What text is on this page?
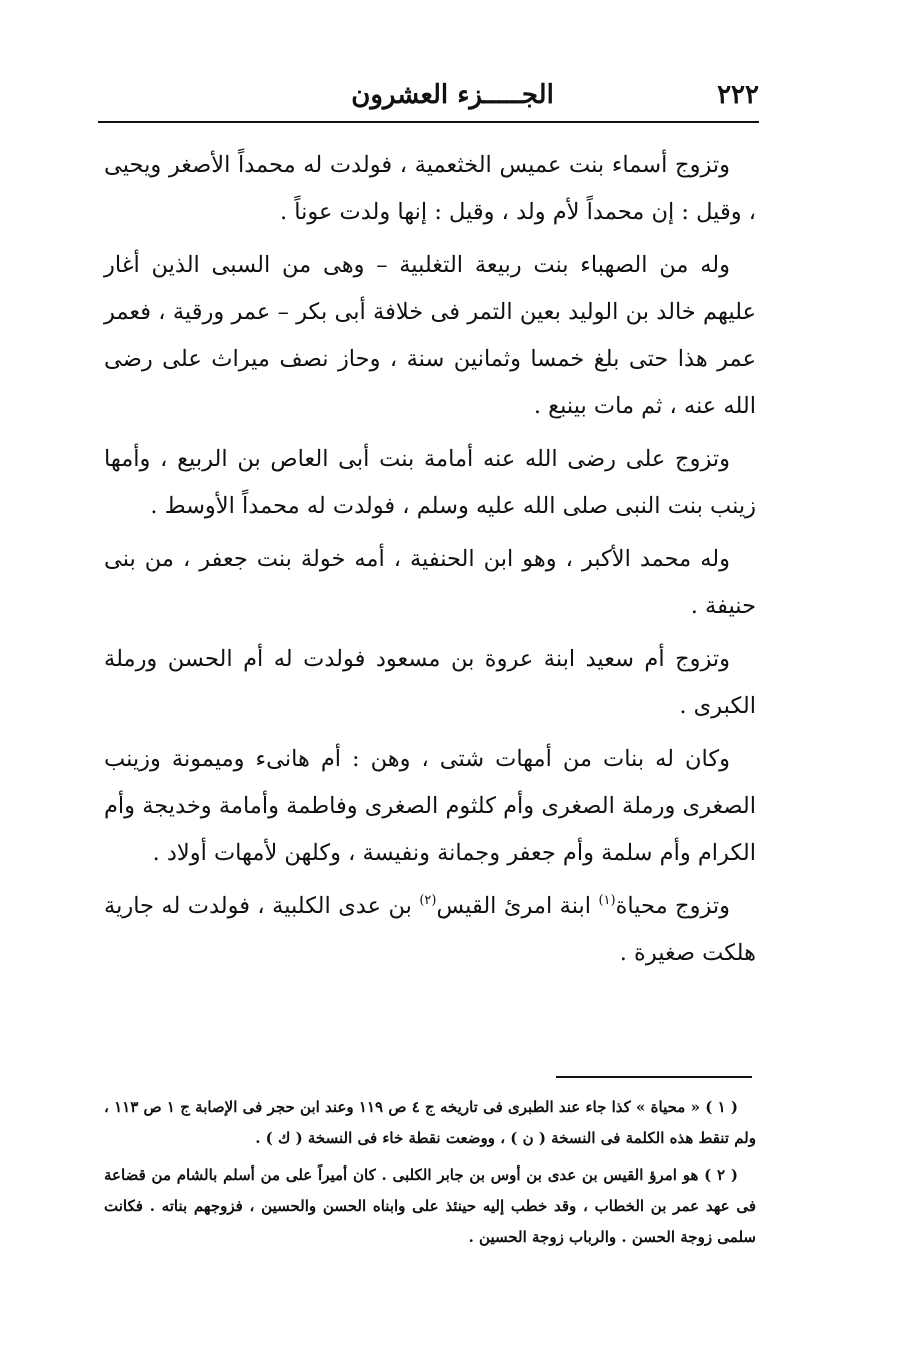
٢٢٢
الجـــــزء العشرون

وتزوج أسماء بنت عميس الخثعمية ، فولدت له محمداً الأصغر ويحيى ، وقيل : إن محمداً لأم ولد ، وقيل : إنها ولدت عوناً .

وله من الصهباء بنت ربيعة التغلبية – وهى من السبى الذين أغار عليهم خالد بن الوليد بعين التمر فى خلافة أبى بكر – عمر ورقية ، فعمر عمر هذا حتى بلغ خمسا وثمانين سنة ، وحاز نصف ميراث على رضى الله عنه ، ثم مات بينبع .

وتزوج على رضى الله عنه أمامة بنت أبى العاص بن الربيع ، وأمها زينب بنت النبى صلى الله عليه وسلم ، فولدت له محمداً الأوسط .

وله محمد الأكبر ، وهو ابن الحنفية ، أمه خولة بنت جعفر ، من بنى حنيفة .

وتزوج أم سعيد ابنة عروة بن مسعود فولدت له أم الحسن ورملة الكبرى .

وكان له بنات من أمهات شتى ، وهن : أم هانىء وميمونة وزينب الصغرى ورملة الصغرى وأم كلثوم الصغرى وفاطمة وأمامة وخديجة وأم الكرام وأم سلمة وأم جعفر وجمانة ونفيسة ، وكلهن لأمهات أولاد .

وتزوج محياة$^{(١)}$ ابنة امرئ القيس$^{(٢)}$ بن عدى الكلبية ، فولدت له جارية هلكت صغيرة .

( ١ ) « محياة » كذا جاء عند الطبرى فى تاريخه ج ٤ ص ١١٩ وعند ابن حجر فى الإصابة ج ١ ص ١١٣ ، ولم تنقط هذه الكلمة فى النسخة ( ن ) ، ووضعت نقطة خاء فى النسخة ( ك ) .

( ٢ ) هو امرؤ القيس بن عدى بن أوس بن جابر الكلبى . كان أميراً على من أسلم بالشام من قضاعة فى عهد عمر بن الخطاب ، وقد خطب إليه حينئذ على وابناه الحسن والحسين ، فزوجهم بناته . فكانت سلمى زوجة الحسن . والرباب زوجة الحسين .
